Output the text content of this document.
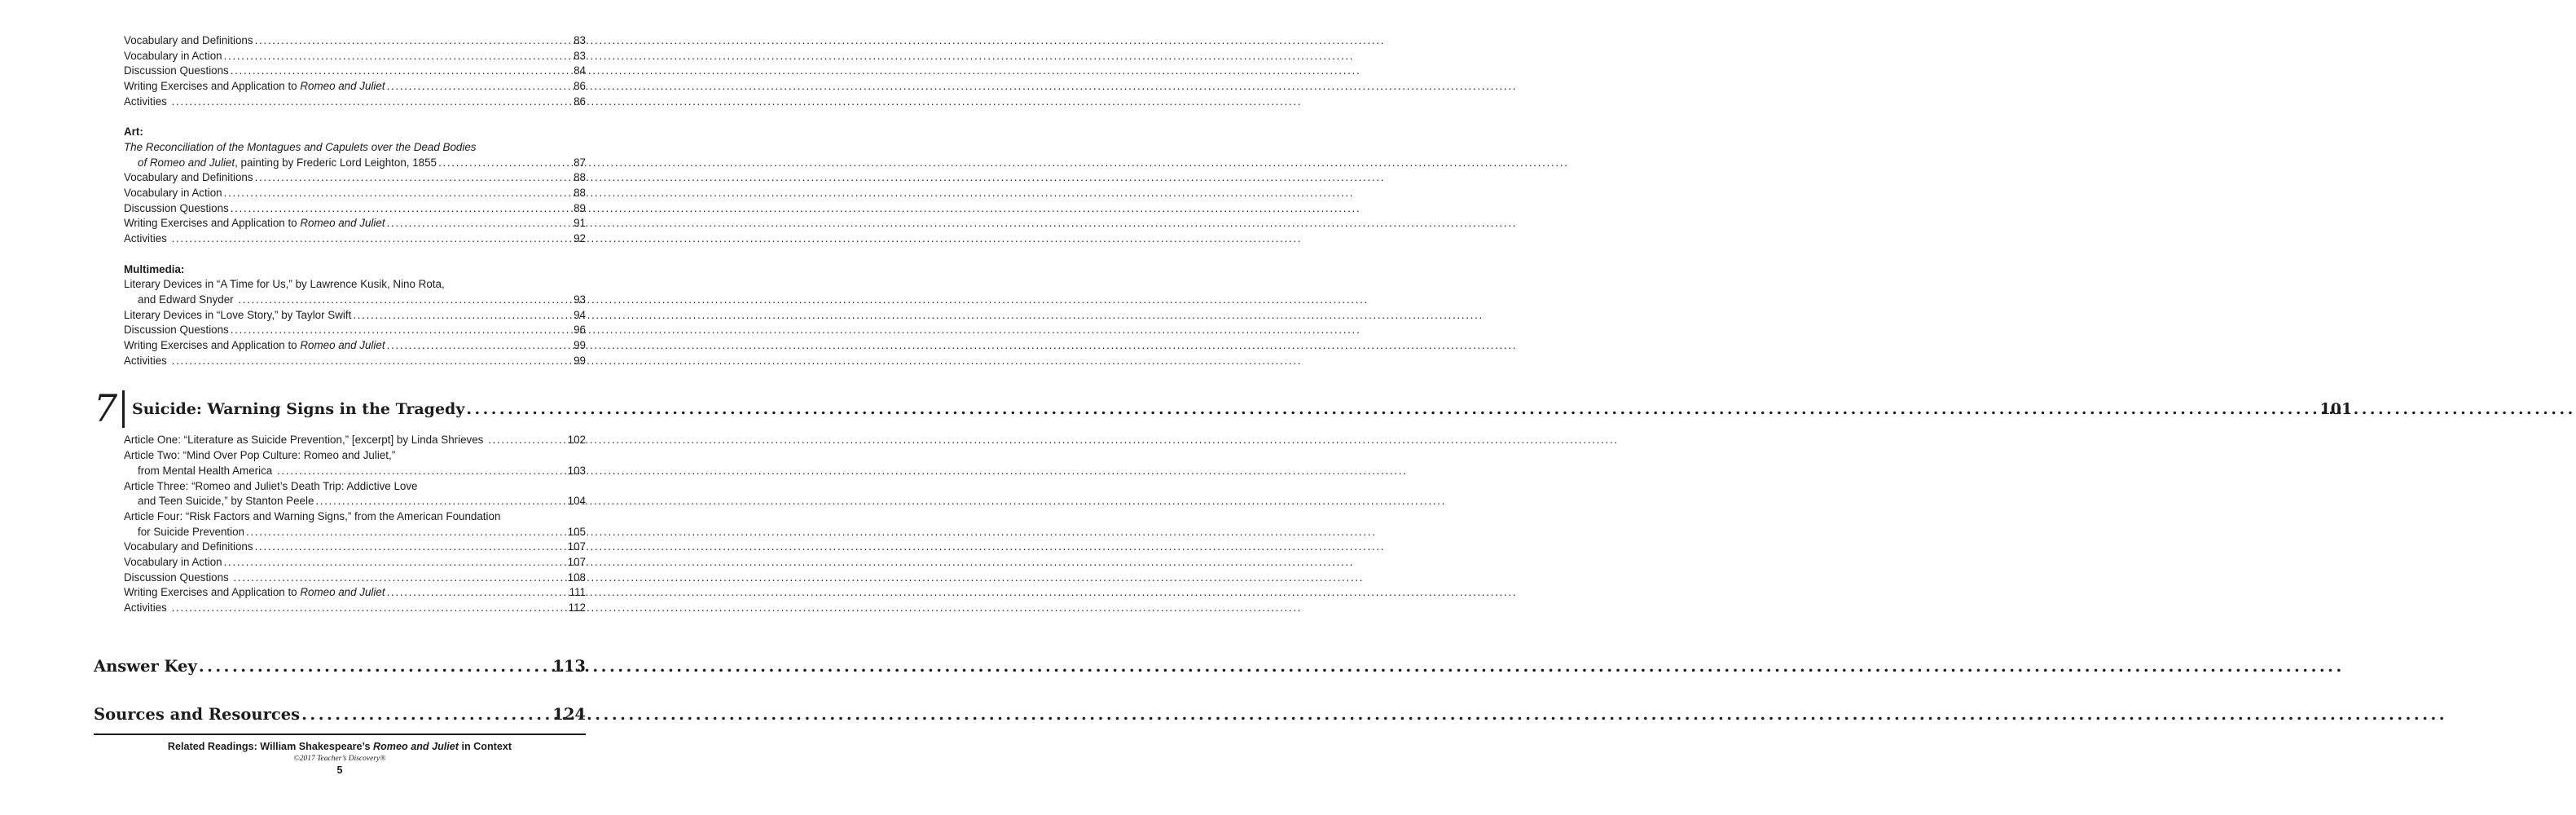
Vocabulary and Definitions .....	83
Vocabulary in Action .....	83
Discussion Questions .....	84
Writing Exercises and Application to Romeo and Juliet .....	86
Activities .....	86
Art:
The Reconciliation of the Montagues and Capulets over the Dead Bodies
of Romeo and Juliet , painting by Frederic Lord Leighton, 1855 .....	87
Vocabulary and Definitions .....	88
Vocabulary in Action .....	88
Discussion Questions .....	89
Writing Exercises and Application to Romeo and Juliet .....	91
Activities .....	92
Multimedia:
Literary Devices in “A Time for Us,” by Lawrence Kusik, Nino Rota,
and Edward Snyder .....	93
Literary Devices in “Love Story,” by Taylor Swift .....	94
Discussion Questions .....	96
Writing Exercises and Application to Romeo and Juliet .....	99
Activities .....	99
7 Suicide: Warning Signs in the Tragedy .....	101
Article One: “Literature as Suicide Prevention,” [excerpt] by Linda Shrieves .....	102
Article Two: “Mind Over Pop Culture: Romeo and Juliet,”
from Mental Health America .....	103
Article Three: “Romeo and Juliet’s Death Trip: Addictive Love
and Teen Suicide,” by Stanton Peele .....	104
Article Four: “Risk Factors and Warning Signs,” from the American Foundation
for Suicide Prevention .....	105
Vocabulary and Definitions .....	107
Vocabulary in Action .....	107
Discussion Questions .....	108
Writing Exercises and Application to Romeo and Juliet .....	111
Activities .....	112
Answer Key .....	113
Sources and Resources .....	124
Related Readings: William Shakespeare’s Romeo and Juliet in Context
©2017 Teacher’s Discovery®
5
